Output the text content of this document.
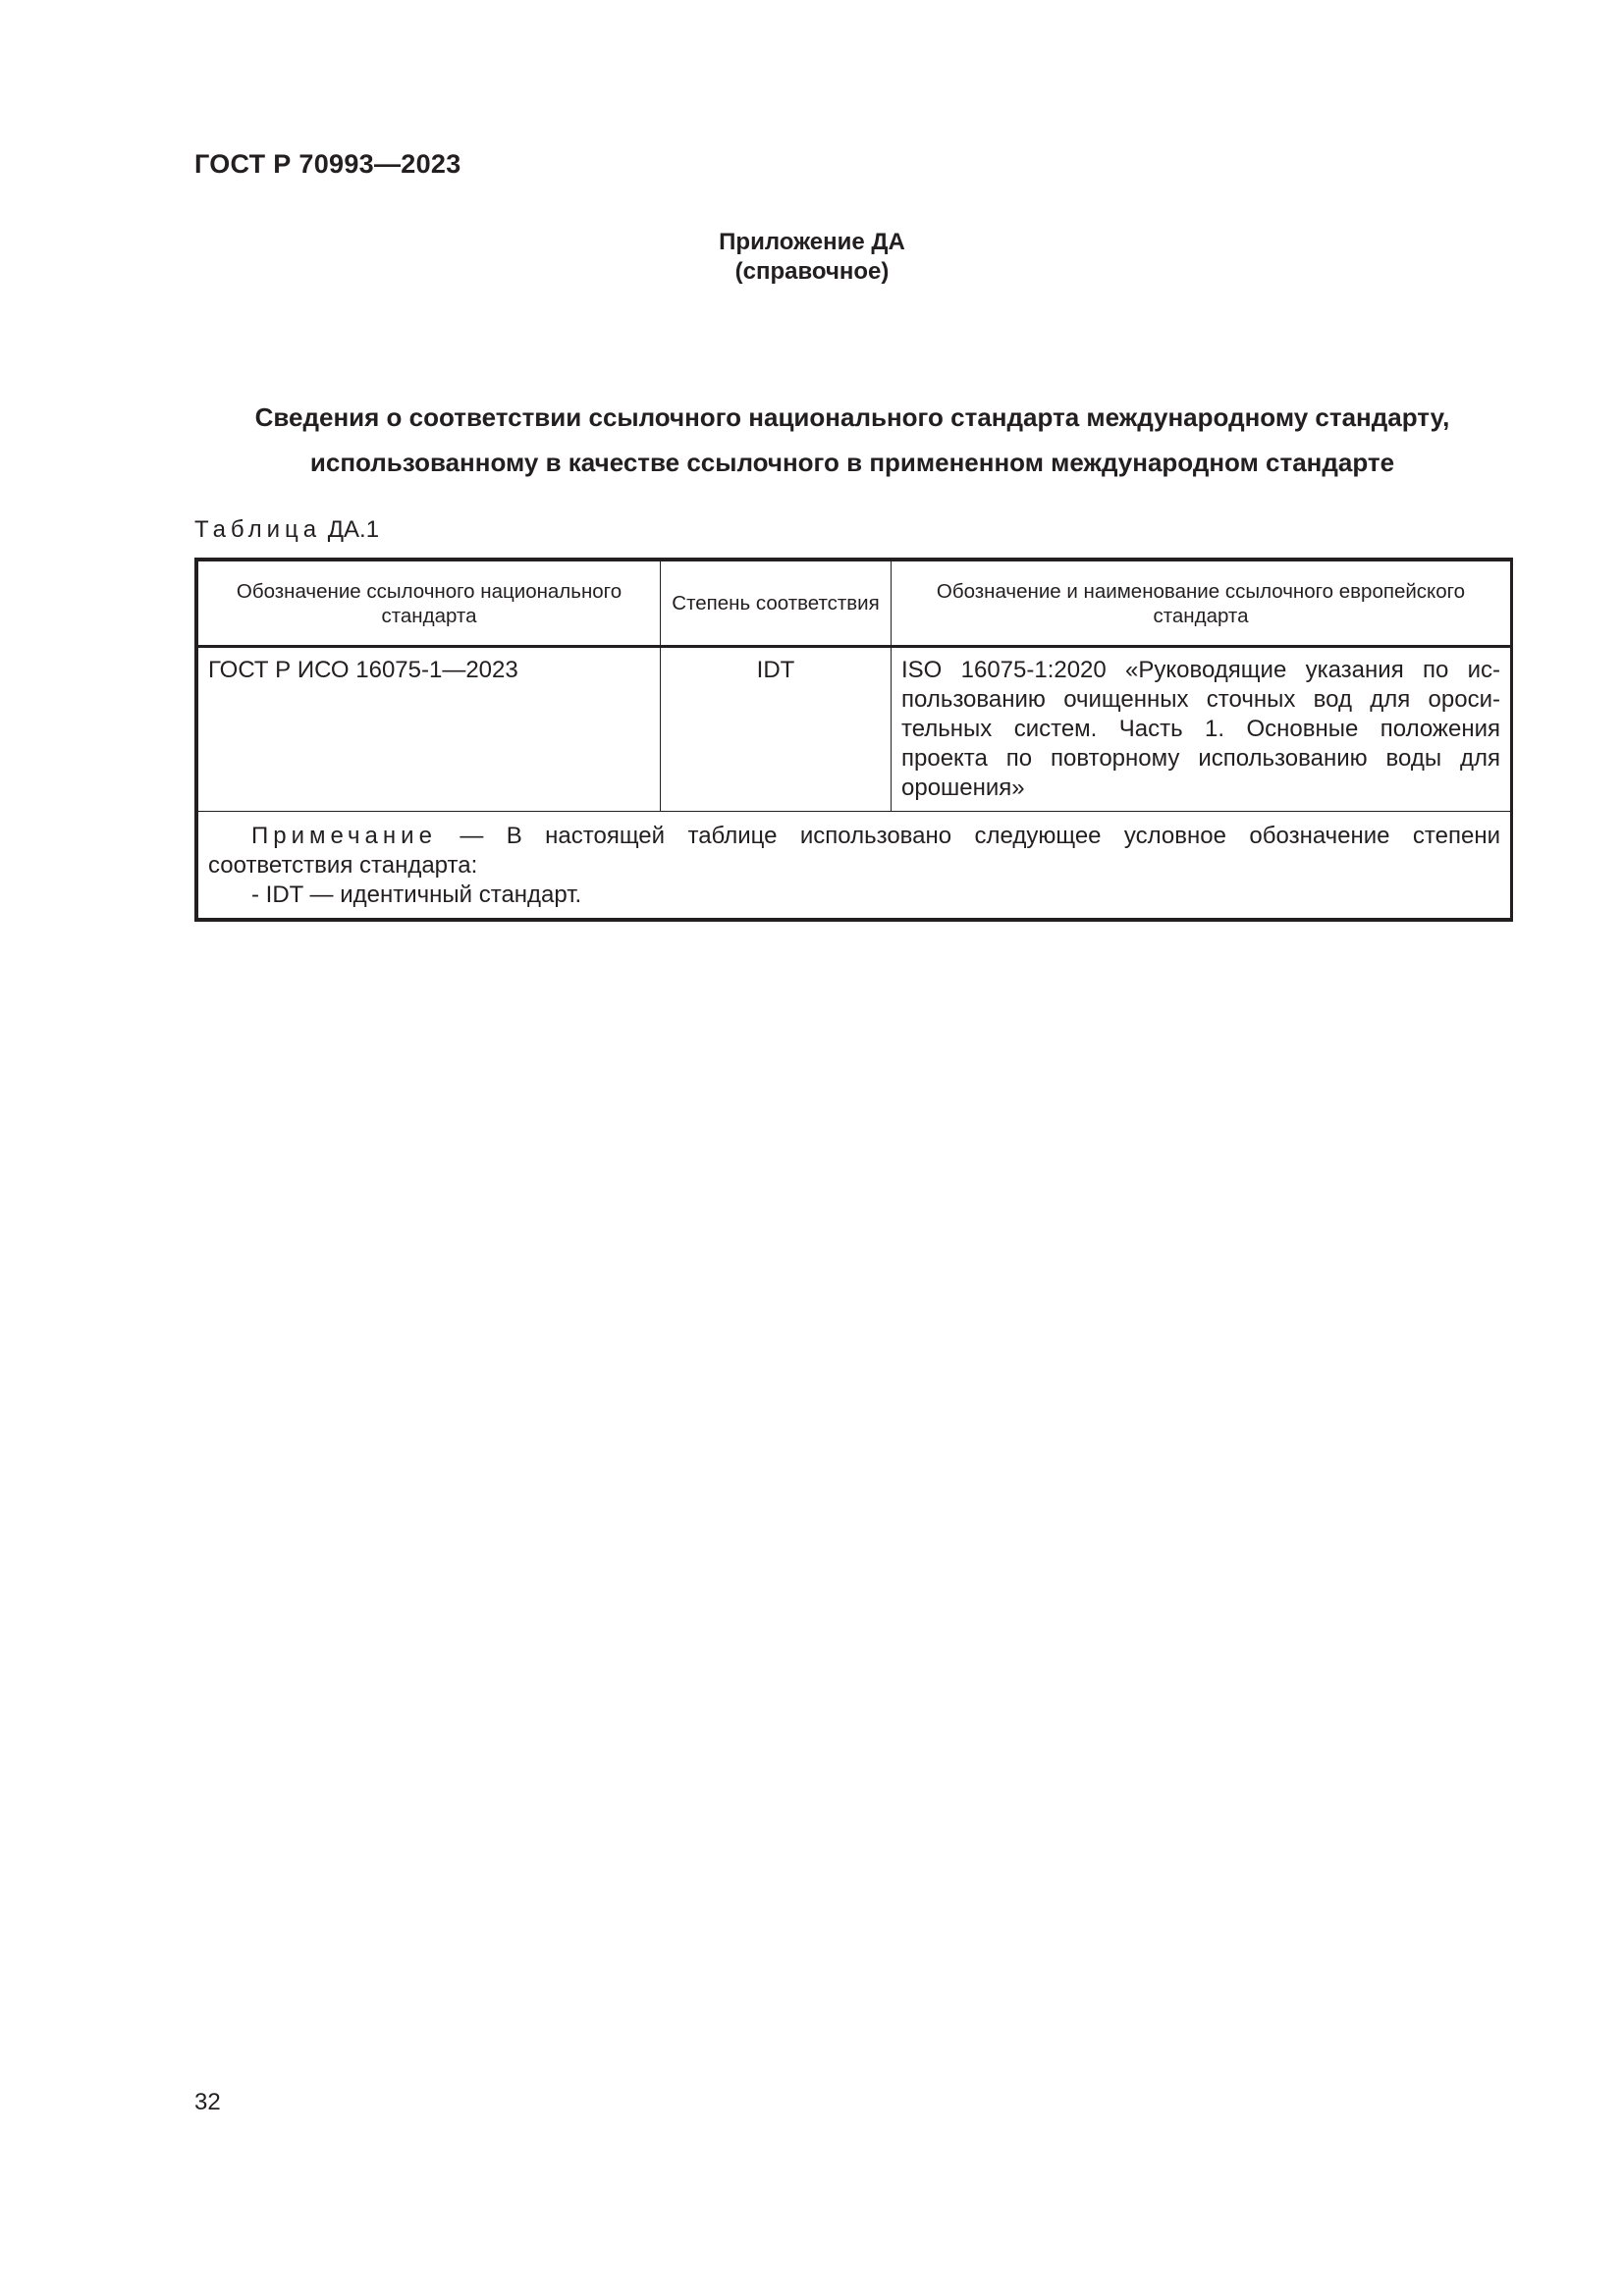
ГОСТ Р 70993—2023
Приложение ДА
(справочное)
Сведения о соответствии ссылочного национального стандарта международному стандарту,
использованному в качестве ссылочного в примененном международном стандарте
Таблица ДА.1
Обозначение ссылочного национального стандарта	Степень соответствия	Обозначение и наименование ссылочного европейского стандарта
ГОСТ Р ИСО 16075-1—2023	IDT	ISO 16075-1:2020 «Руководящие указания по использованию очищенных сточных вод для оросительных систем. Часть 1. Основные положения проекта по повторному использованию воды для орошения»

Примечание — В настоящей таблице использовано следующее условное обозначение степени соответствия стандарта:
- IDT — идентичный стандарт.		
32
